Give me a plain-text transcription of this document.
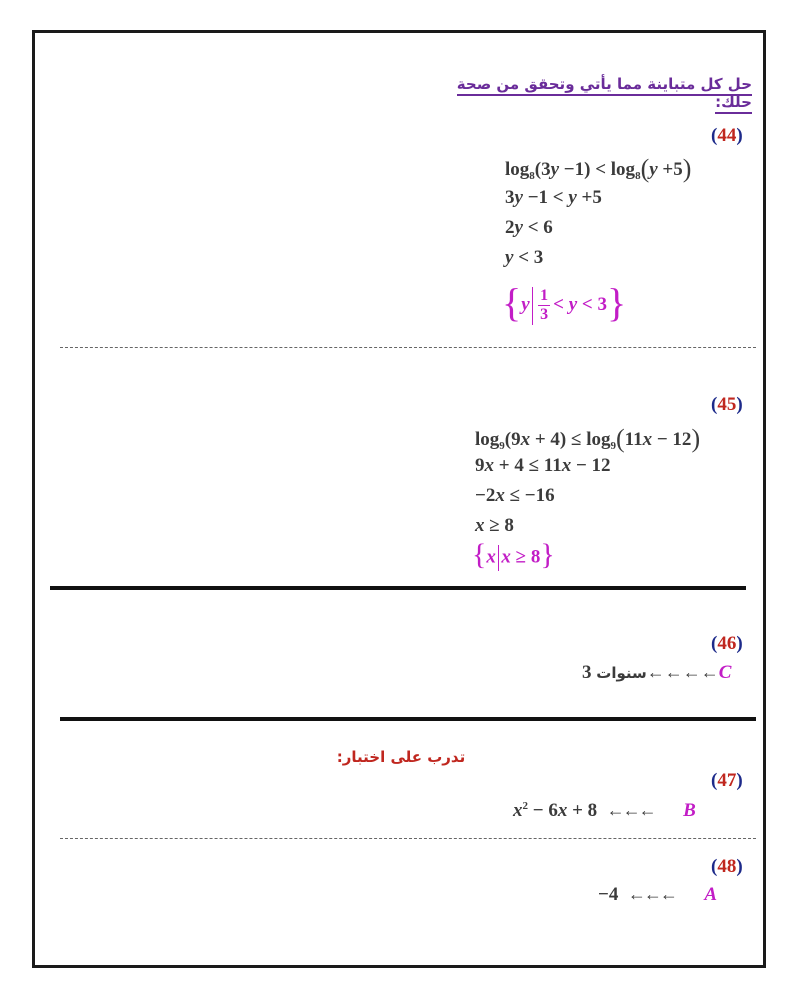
حل كل متباينة مما يأتي وتحقق من صحة حلك:
(44)
$\log_8(3y -1) < \log_8(y +5)$
3y −1 < y +5
2y < 6
y < 3
$\{y \frac{1}{3} < y < 3\}$
(45)
$\log_9(9x + 4) \le \log_9(11x - 12)$
9x + 4 ≤ 11x − 12
−2x ≤ −16
x ≥ 8
{x x ≥ 8}
(46)
سنوات 3	←←←←C
تدرب على اختبار:
(47)
$x^2 - 6x + 8$ ←←← B
(48)
−4 ←←← A
